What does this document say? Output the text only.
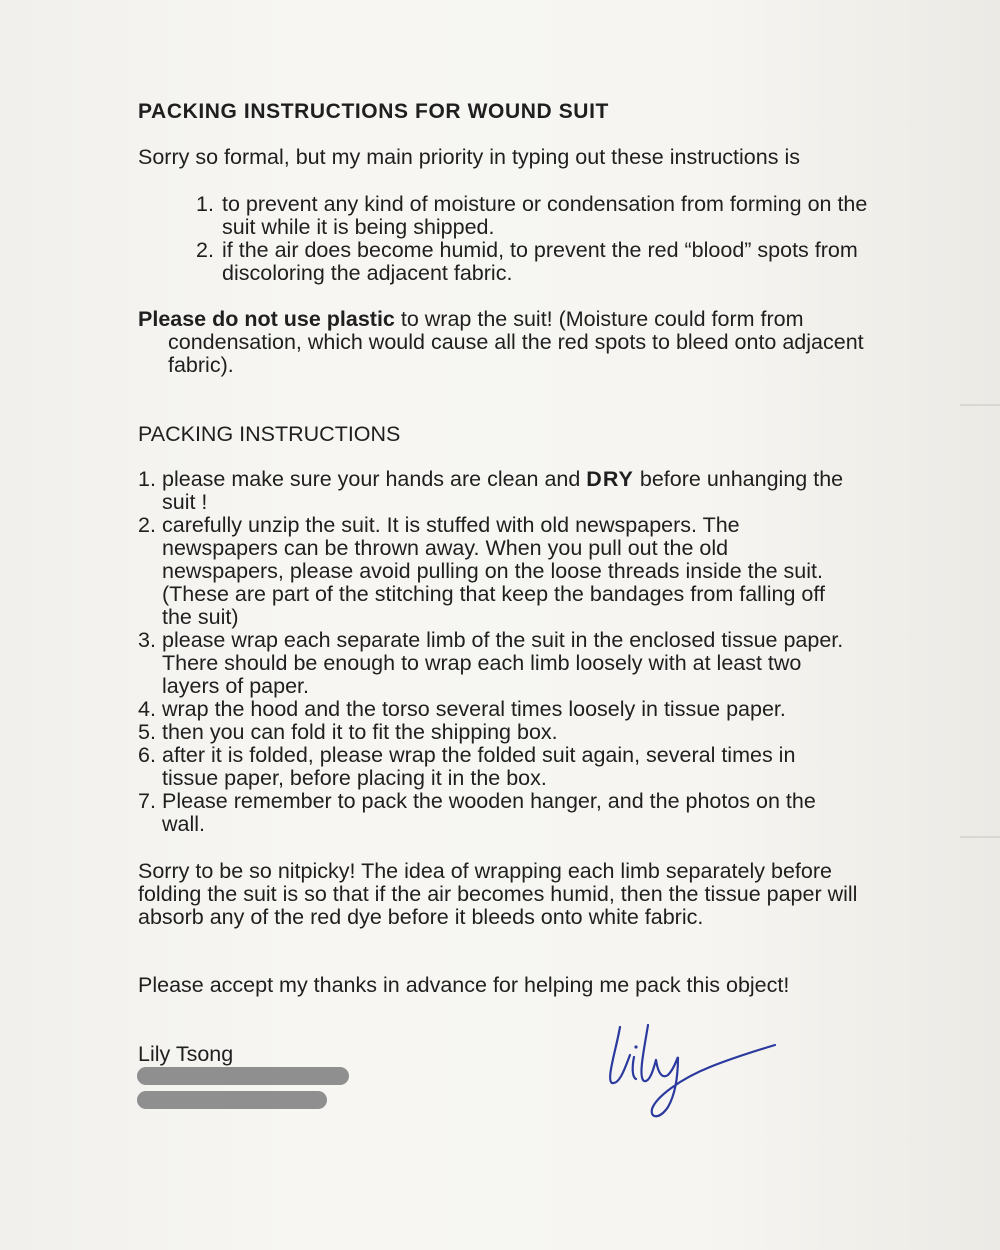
PACKING INSTRUCTIONS FOR WOUND SUIT
Sorry so formal, but my main priority in typing out these instructions is
1. to prevent any kind of moisture or condensation from forming on the suit while it is being shipped.
2. if the air does become humid, to prevent the red “blood” spots from discoloring the adjacent fabric.
Please do not use plastic to wrap the suit! (Moisture could form from condensation, which would cause all the red spots to bleed onto adjacent fabric).
PACKING INSTRUCTIONS
1. please make sure your hands are clean and DRY before unhanging the suit !
2. carefully unzip the suit. It is stuffed with old newspapers. The newspapers can be thrown away. When you pull out the old newspapers, please avoid pulling on the loose threads inside the suit. (These are part of the stitching that keep the bandages from falling off the suit)
3. please wrap each separate limb of the suit in the enclosed tissue paper. There should be enough to wrap each limb loosely with at least two layers of paper.
4. wrap the hood and the torso several times loosely in tissue paper.
5. then you can fold it to fit the shipping box.
6. after it is folded, please wrap the folded suit again, several times in tissue paper, before placing it in the box.
7. Please remember to pack the wooden hanger, and the photos on the wall.
Sorry to be so nitpicky! The idea of wrapping each limb separately before folding the suit is so that if the air becomes humid, then the tissue paper will absorb any of the red dye before it bleeds onto white fabric.
Please accept my thanks in advance for helping me pack this object!
Lily Tsong
